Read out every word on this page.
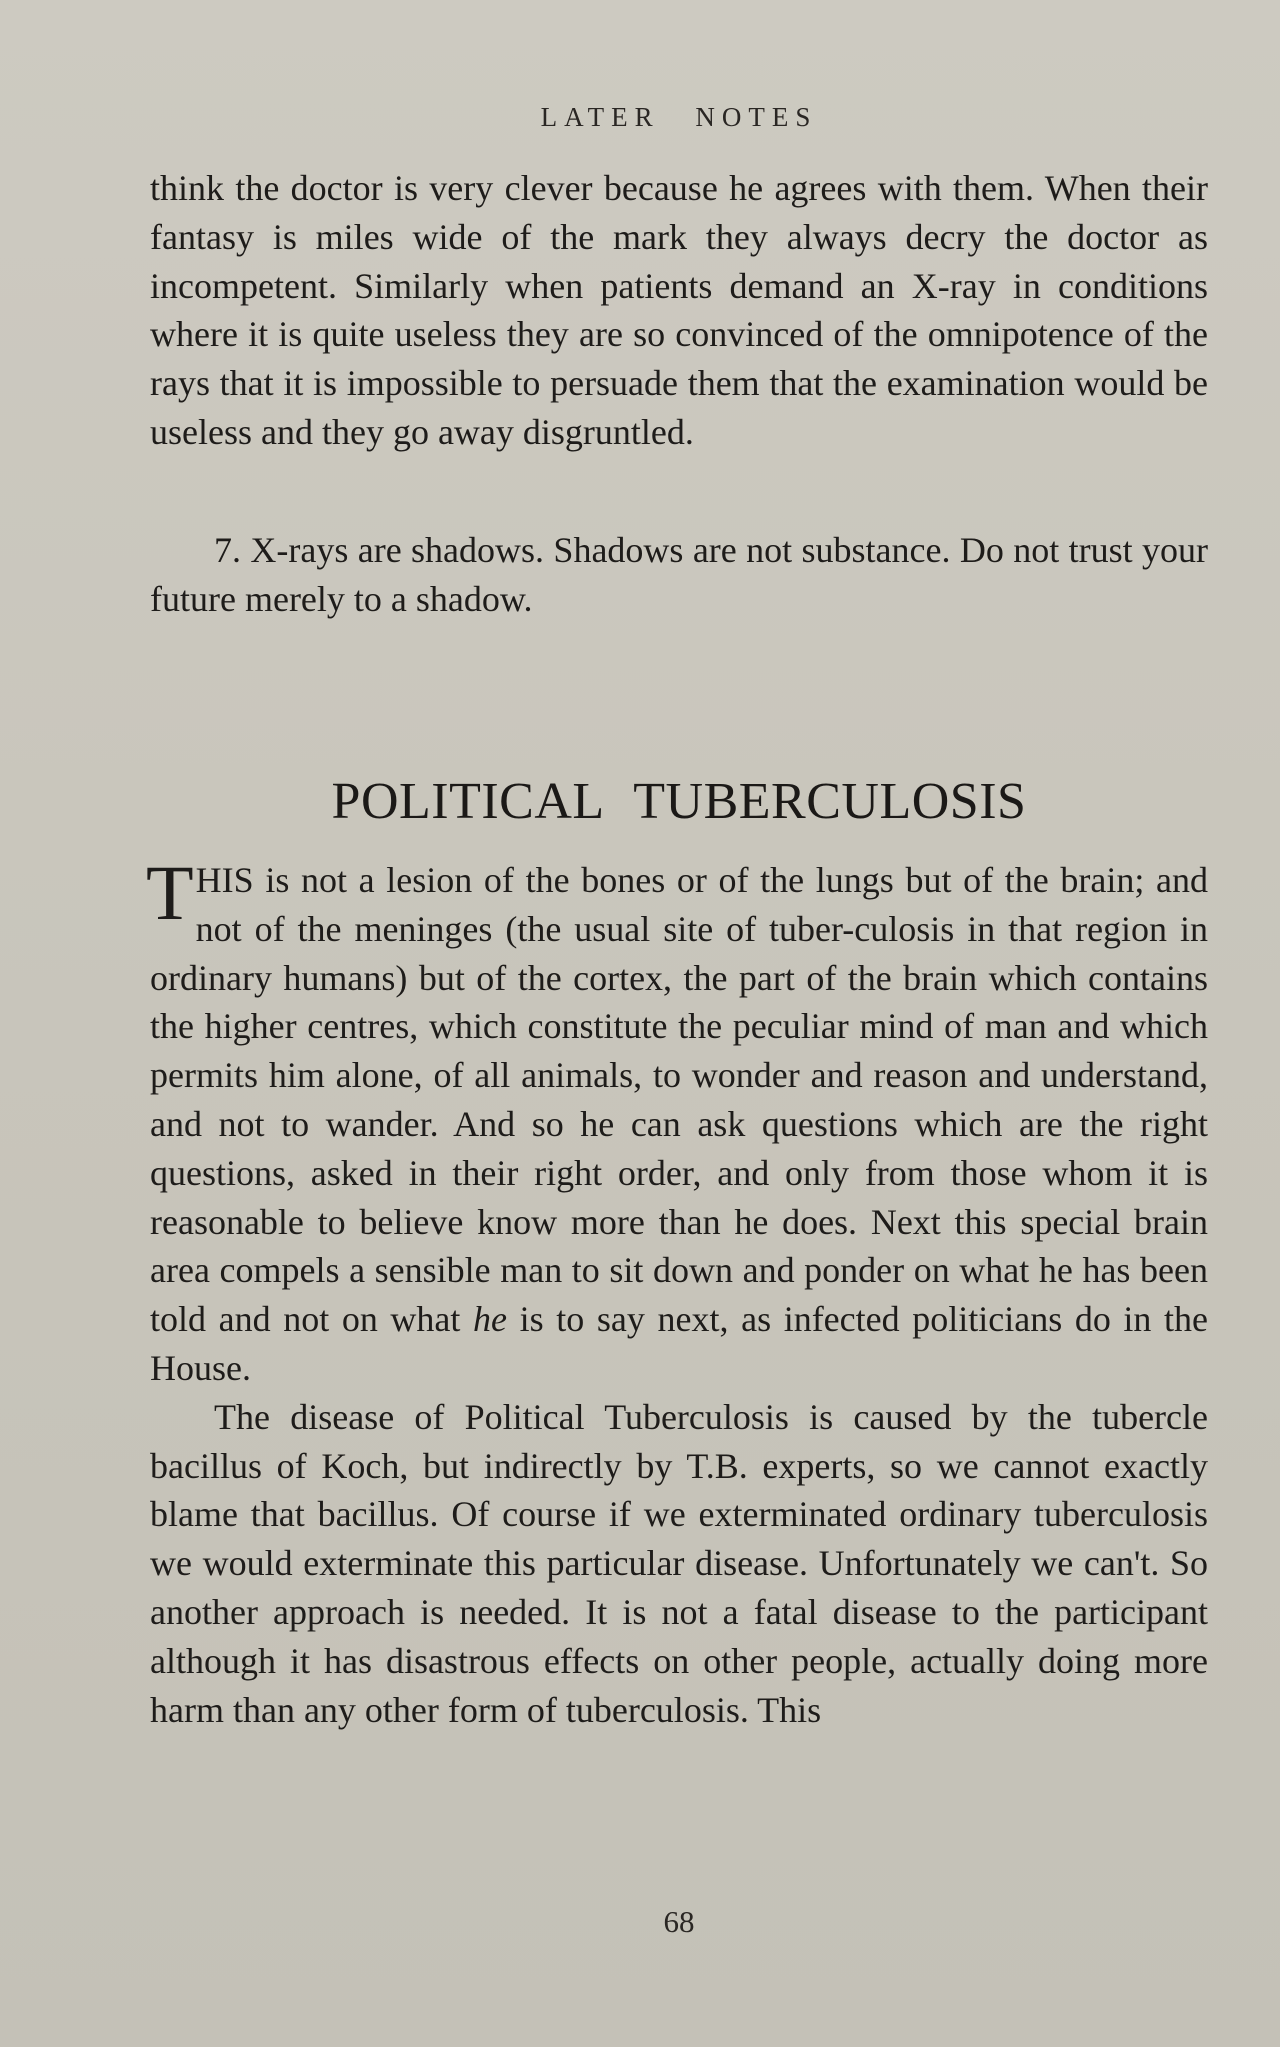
LATER NOTES

think the doctor is very clever because he agrees with them. When their fantasy is miles wide of the mark they always decry the doctor as incompetent. Similarly when patients demand an X-ray in conditions where it is quite useless they are so convinced of the omnipotence of the rays that it is impossible to persuade them that the examination would be useless and they go away disgruntled.

7. X-rays are shadows. Shadows are not substance. Do not trust your future merely to a shadow.

POLITICAL TUBERCULOSIS

THIS is not a lesion of the bones or of the lungs but of the brain; and not of the meninges (the usual site of tuber-culosis in that region in ordinary humans) but of the cortex, the part of the brain which contains the higher centres, which constitute the peculiar mind of man and which permits him alone, of all animals, to wonder and reason and understand, and not to wander. And so he can ask questions which are the right questions, asked in their right order, and only from those whom it is reasonable to believe know more than he does. Next this special brain area compels a sensible man to sit down and ponder on what he has been told and not on what he is to say next, as infected politicians do in the House.

The disease of Political Tuberculosis is caused by the tubercle bacillus of Koch, but indirectly by T.B. experts, so we cannot exactly blame that bacillus. Of course if we exterminated ordinary tuberculosis we would exterminate this particular disease. Unfortunately we can't. So another approach is needed. It is not a fatal disease to the participant although it has disastrous effects on other people, actually doing more harm than any other form of tuberculosis. This

68
